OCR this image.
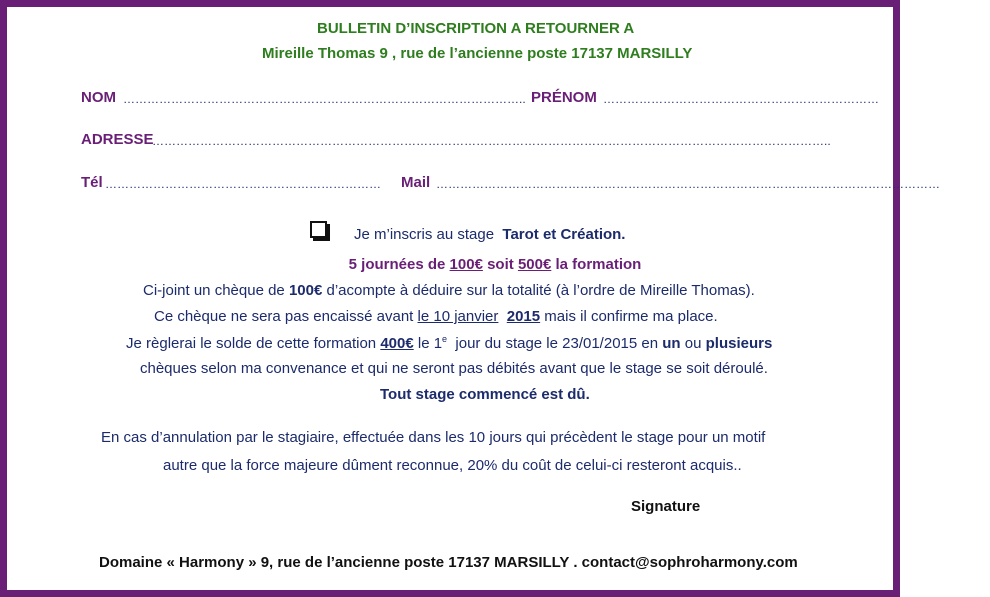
BULLETIN D’INSCRIPTION A RETOURNER A
Mireille Thomas 9 , rue de l’ancienne poste 17137 MARSILLY
NOM ……………………………………………………………………………………….. PRÉNOM ……………………………………………………………
ADRESSE
……………………………………………………………………………………………………………………………………………………..
Tél ……………………………………………………………	Mail ………………………………………………………………………………………………………………
Je m’inscris au stage Tarot et Création.
5 journées de 100€ soit 500€ la formation
Ci-joint un chèque de 100€ d’acompte à déduire sur la totalité (à l’ordre de Mireille Thomas).
Ce chèque ne sera pas encaissé avant le 10 janvier 2015 mais il confirme ma place.
Je règlerai le solde de cette formation 400€ le 1e jour du stage le 23/01/2015 en un ou plusieurs
chèques selon ma convenance et qui ne seront pas débités avant que le stage se soit déroulé.
Tout stage commencé est dû.
En cas d’annulation par le stagiaire, effectuée dans les 10 jours qui précèdent le stage pour un motif
autre que la force majeure dûment reconnue, 20% du coût de celui-ci resteront acquis..
Signature
Domaine « Harmony » 9, rue de l’ancienne poste 17137 MARSILLY . contact@sophroharmony.com
